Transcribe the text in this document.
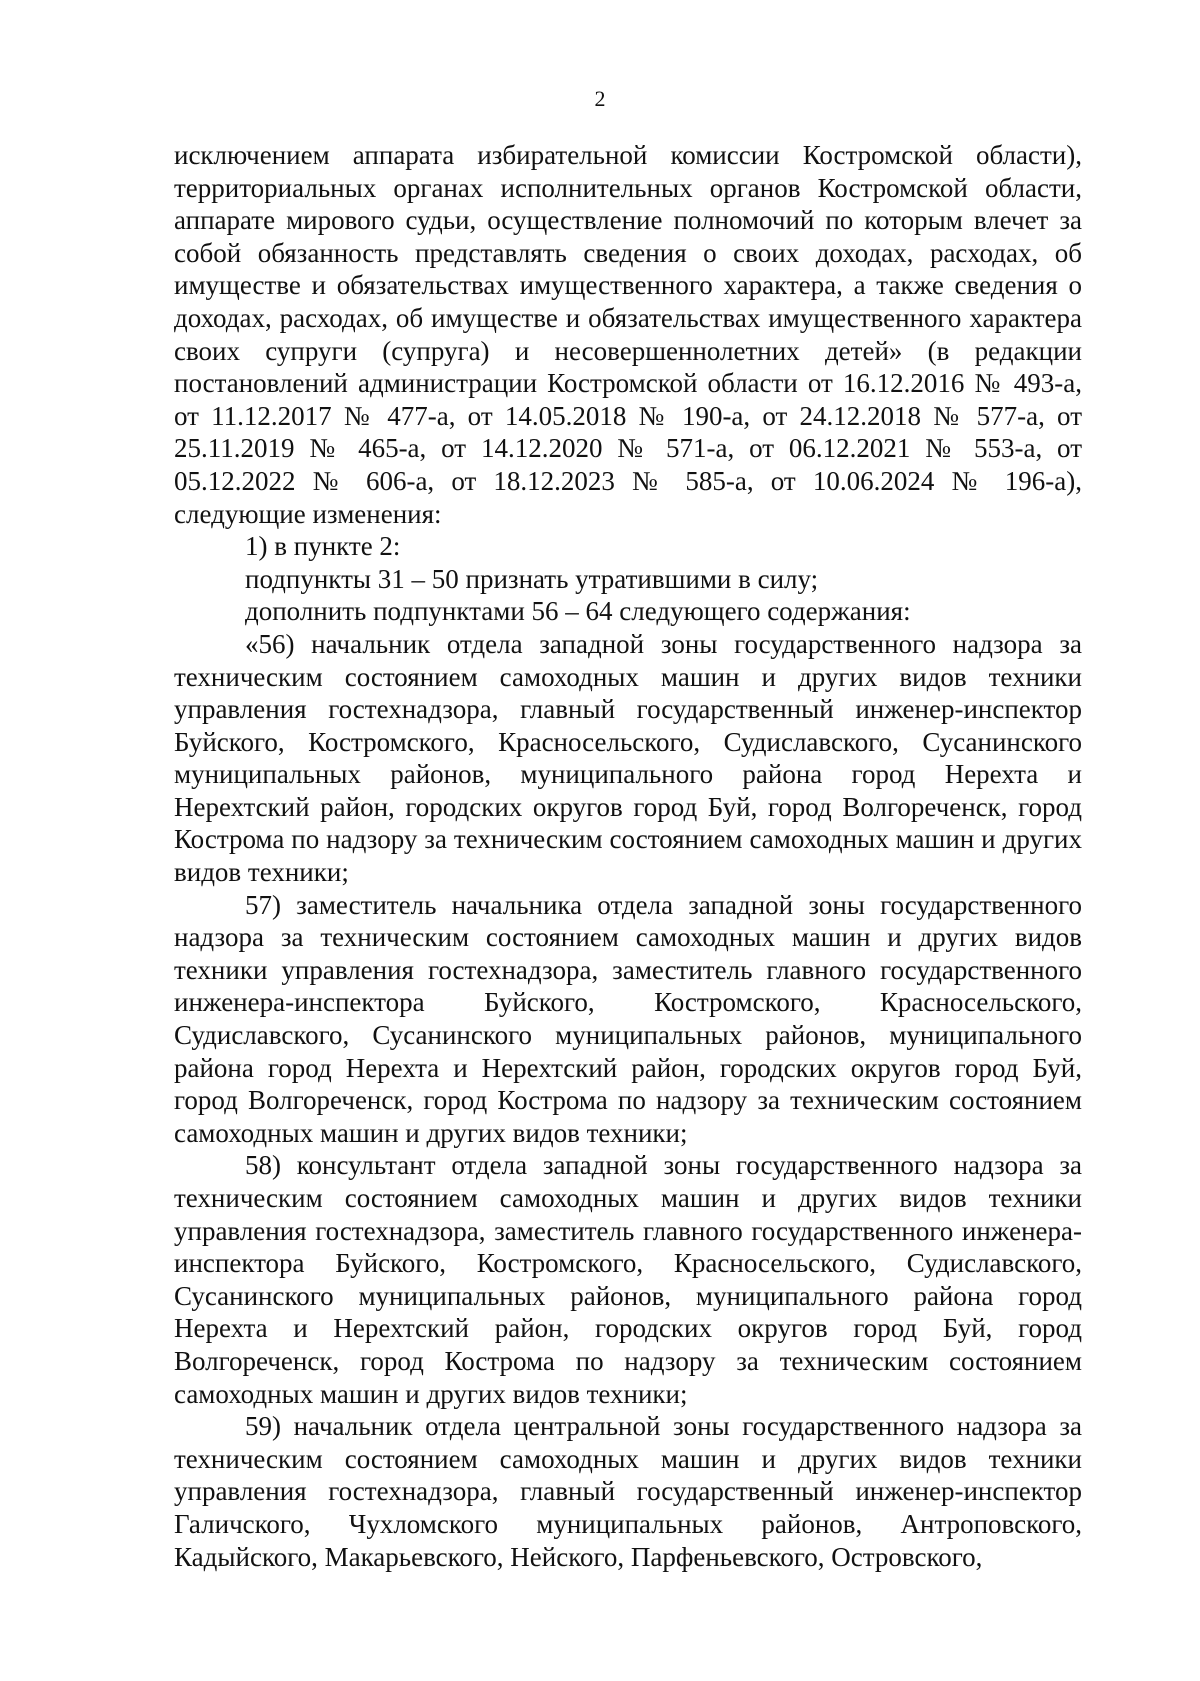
2

исключением аппарата избирательной комиссии Костромской области), территориальных органах исполнительных органов Костромской области, аппарате мирового судьи, осуществление полномочий по которым влечет за собой обязанность представлять сведения о своих доходах, расходах, об имуществе и обязательствах имущественного характера, а также сведения о доходах, расходах, об имуществе и обязательствах имущественного характера своих супруги (супруга) и несовершеннолетних детей» (в редакции постановлений администрации Костромской области от 16.12.2016 № 493-а, от 11.12.2017 № 477-а, от 14.05.2018 № 190-а, от 24.12.2018 № 577-а, от 25.11.2019 № 465-а, от 14.12.2020 № 571-а, от 06.12.2021 № 553-а, от 05.12.2022 № 606-а, от 18.12.2023 № 585-а, от 10.06.2024 № 196-а), следующие изменения:

1) в пункте 2:

подпункты 31 – 50 признать утратившими в силу;

дополнить подпунктами 56 – 64 следующего содержания:

«56) начальник отдела западной зоны государственного надзора за техническим состоянием самоходных машин и других видов техники управления гостехнадзора, главный государственный инженер-инспектор Буйского, Костромского, Красносельского, Судиславского, Сусанинского муниципальных районов, муниципального района город Нерехта и Нерехтский район, городских округов город Буй, город Волгореченск, город Кострома по надзору за техническим состоянием самоходных машин и других видов техники;

57) заместитель начальника отдела западной зоны государственного надзора за техническим состоянием самоходных машин и других видов техники управления гостехнадзора, заместитель главного государственного инженера-инспектора Буйского, Костромского, Красносельского, Судиславского, Сусанинского муниципальных районов, муниципального района город Нерехта и Нерехтский район, городских округов город Буй, город Волгореченск, город Кострома по надзору за техническим состоянием самоходных машин и других видов техники;

58) консультант отдела западной зоны государственного надзора за техническим состоянием самоходных машин и других видов техники управления гостехнадзора, заместитель главного государственного инженера-инспектора Буйского, Костромского, Красносельского, Судиславского, Сусанинского муниципальных районов, муниципального района город Нерехта и Нерехтский район, городских округов город Буй, город Волгореченск, город Кострома по надзору за техническим состоянием самоходных машин и других видов техники;

59) начальник отдела центральной зоны государственного надзора за техническим состоянием самоходных машин и других видов техники управления гостехнадзора, главный государственный инженер-инспектор Галичского, Чухломского муниципальных районов, Антроповского, Кадыйского, Макарьевского, Нейского, Парфеньевского, Островского,
